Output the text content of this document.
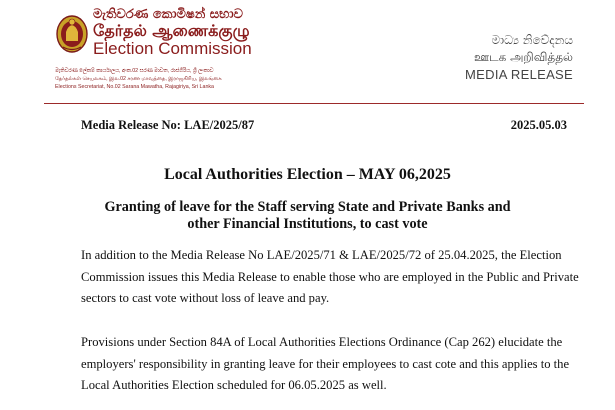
මැතිවරණ කොමිෂන් සභාව
தேர்தல் ஆணைக்குழு
Election Commission
මැතිවරණ ලේකම් කාර්යාලය, අංක.02 සරණ මාවත, රාජගිරිය, ශ්‍රී ලංකාව
தேர்தல்கள் செயலகம், இல.02 சரண மாவத்தை, இராஜகிரிய, இலங்கை
Elections Secretariat, No.02 Sarana Mawatha, Rajagiriya, Sri Lanka
මාධ්‍ය නිවේදනය
ஊடக அறிவித்தல்
MEDIA RELEASE
Media Release No: LAE/2025/87	2025.05.03
Local Authorities Election – MAY 06,2025
Granting of leave for the Staff serving State and Private Banks and
other Financial Institutions, to cast vote
In addition to the Media Release No LAE/2025/71 & LAE/2025/72 of 25.04.2025, the Election
Commission issues this Media Release to enable those who are employed in the Public and Private
sectors to cast vote without loss of leave and pay.
Provisions under Section 84A of Local Authorities Elections Ordinance (Cap 262) elucidate the
employers' responsibility in granting leave for their employees to cast cote and this applies to the
Local Authorities Election scheduled for 06.05.2025 as well.
